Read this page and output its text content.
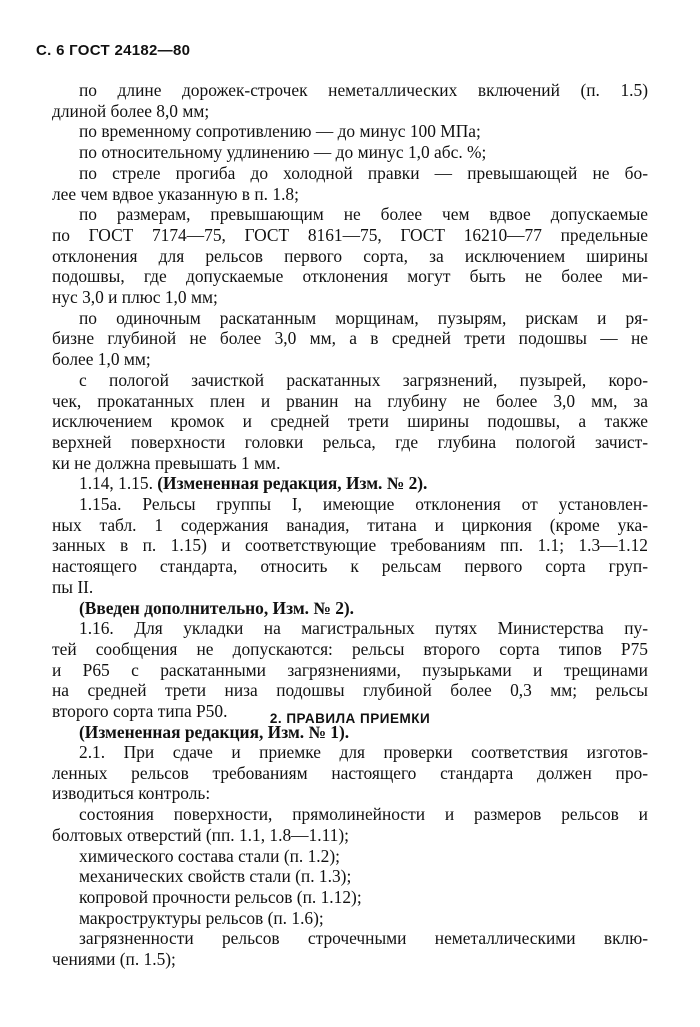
С. 6 ГОСТ 24182—80
по длине дорожек-строчек неметаллических включений (п. 1.5)
длиной более 8,0 мм;
по временному сопротивлению — до минус 100 МПа;
по относительному удлинению — до минус 1,0 абс. %;
по стреле прогиба до холодной правки — превышающей не бо-
лее чем вдвое указанную в п. 1.8;
по размерам, превышающим не более чем вдвое допускаемые
по ГОСТ 7174—75, ГОСТ 8161—75, ГОСТ 16210—77 предельные
отклонения для рельсов первого сорта, за исключением ширины
подошвы, где допускаемые отклонения могут быть не более ми-
нус 3,0 и плюс 1,0 мм;
по одиночным раскатанным морщинам, пузырям, рискам и ря-
бизне глубиной не более 3,0 мм, а в средней трети подошвы — не
более 1,0 мм;
с пологой зачисткой раскатанных загрязнений, пузырей, коро-
чек, прокатанных плен и рванин на глубину не более 3,0 мм, за
исключением кромок и средней трети ширины подошвы, а также
верхней поверхности головки рельса, где глубина пологой зачист-
ки не должна превышать 1 мм.
1.14, 1.15. (Измененная редакция, Изм. № 2).
1.15а. Рельсы группы I, имеющие отклонения от установлен-
ных табл. 1 содержания ванадия, титана и циркония (кроме ука-
занных в п. 1.15) и соответствующие требованиям пп. 1.1; 1.3—1.12
настоящего стандарта, относить к рельсам первого сорта груп-
пы II.
(Введен дополнительно, Изм. № 2).
1.16. Для укладки на магистральных путях Министерства пу-
тей сообщения не допускаются: рельсы второго сорта типов Р75
и Р65 с раскатанными загрязнениями, пузырьками и трещинами
на средней трети низа подошвы глубиной более 0,3 мм; рельсы
второго сорта типа Р50.
(Измененная редакция, Изм. № 1).
2. ПРАВИЛА ПРИЕМКИ
2.1. При сдаче и приемке для проверки соответствия изготов-
ленных рельсов требованиям настоящего стандарта должен про-
изводиться контроль:
состояния поверхности, прямолинейности и размеров рельсов и
болтовых отверстий (пп. 1.1, 1.8—1.11);
химического состава стали (п. 1.2);
механических свойств стали (п. 1.3);
копровой прочности рельсов (п. 1.12);
макроструктуры рельсов (п. 1.6);
загрязненности рельсов строчечными неметаллическими вклю-
чениями (п. 1.5);
